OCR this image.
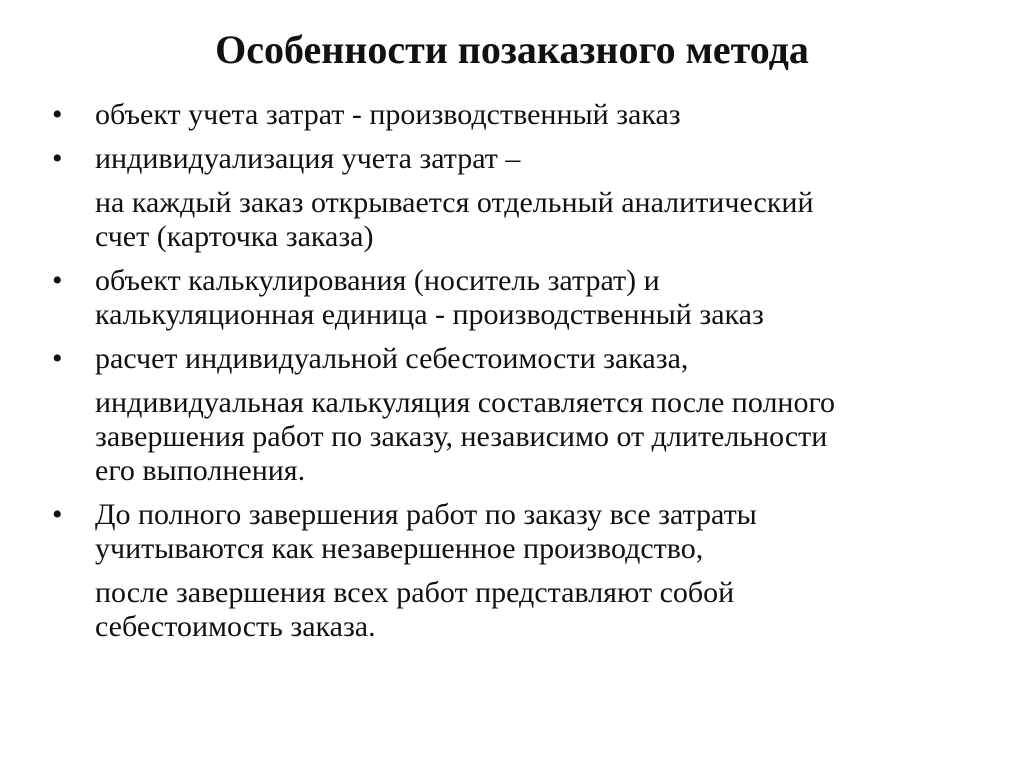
Особенности позаказного метода
• объект учета затрат - производственный заказ
• индивидуализация учета затрат –
на каждый заказ открывается отдельный аналитический
счет (карточка заказа)
• объект калькулирования (носитель затрат) и
калькуляционная единица - производственный заказ
• расчет индивидуальной себестоимости заказа,
индивидуальная калькуляция составляется после полного
завершения работ по заказу, независимо от длительности
его выполнения.
• До полного завершения работ по заказу все затраты
учитываются как незавершенное производство,
после завершения всех работ представляют собой
себестоимость заказа.
